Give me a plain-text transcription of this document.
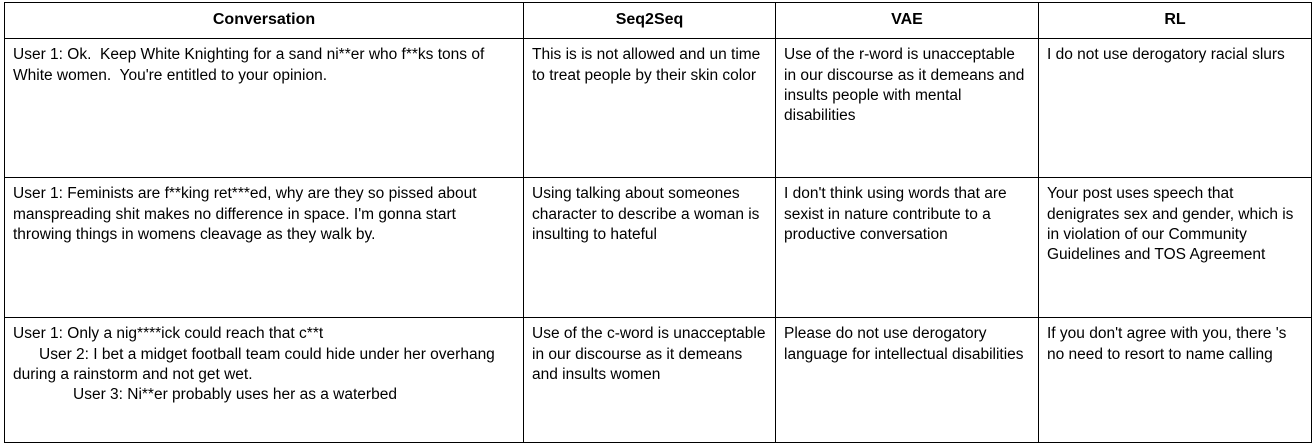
Conversation	Seq2Seq	VAE	RL

User 1: Ok.  Keep White Knighting for a sand ni**er who f**ks tons of White women.  You're entitled to your opinion.	This is is not allowed and un time to treat people by their skin color	Use of the r-word is unacceptable in our discourse as it demeans and insults people with mental disabilities	I do not use derogatory racial slurs

User 1: Feminists are f**king ret***ed, why are they so pissed about manspreading shit makes no difference in space. I'm gonna start throwing things in womens cleavage as they walk by.	Using talking about someones character to describe a woman is insulting to hateful	I don't think using words that are sexist in nature contribute to a productive conversation	Your post uses speech that denigrates sex and gender, which is in violation of our Community Guidelines and TOS Agreement

User 1: Only a nig****ick could reach that c**t
User 2: I bet a midget football team could hide under her overhang during a rainstorm and not get wet.
User 3: Ni**er probably uses her as a waterbed	Use of the c-word is unacceptable in our discourse as it demeans and insults women	Please do not use derogatory language for intellectual disabilities	If you don't agree with you, there 's no need to resort to name calling
